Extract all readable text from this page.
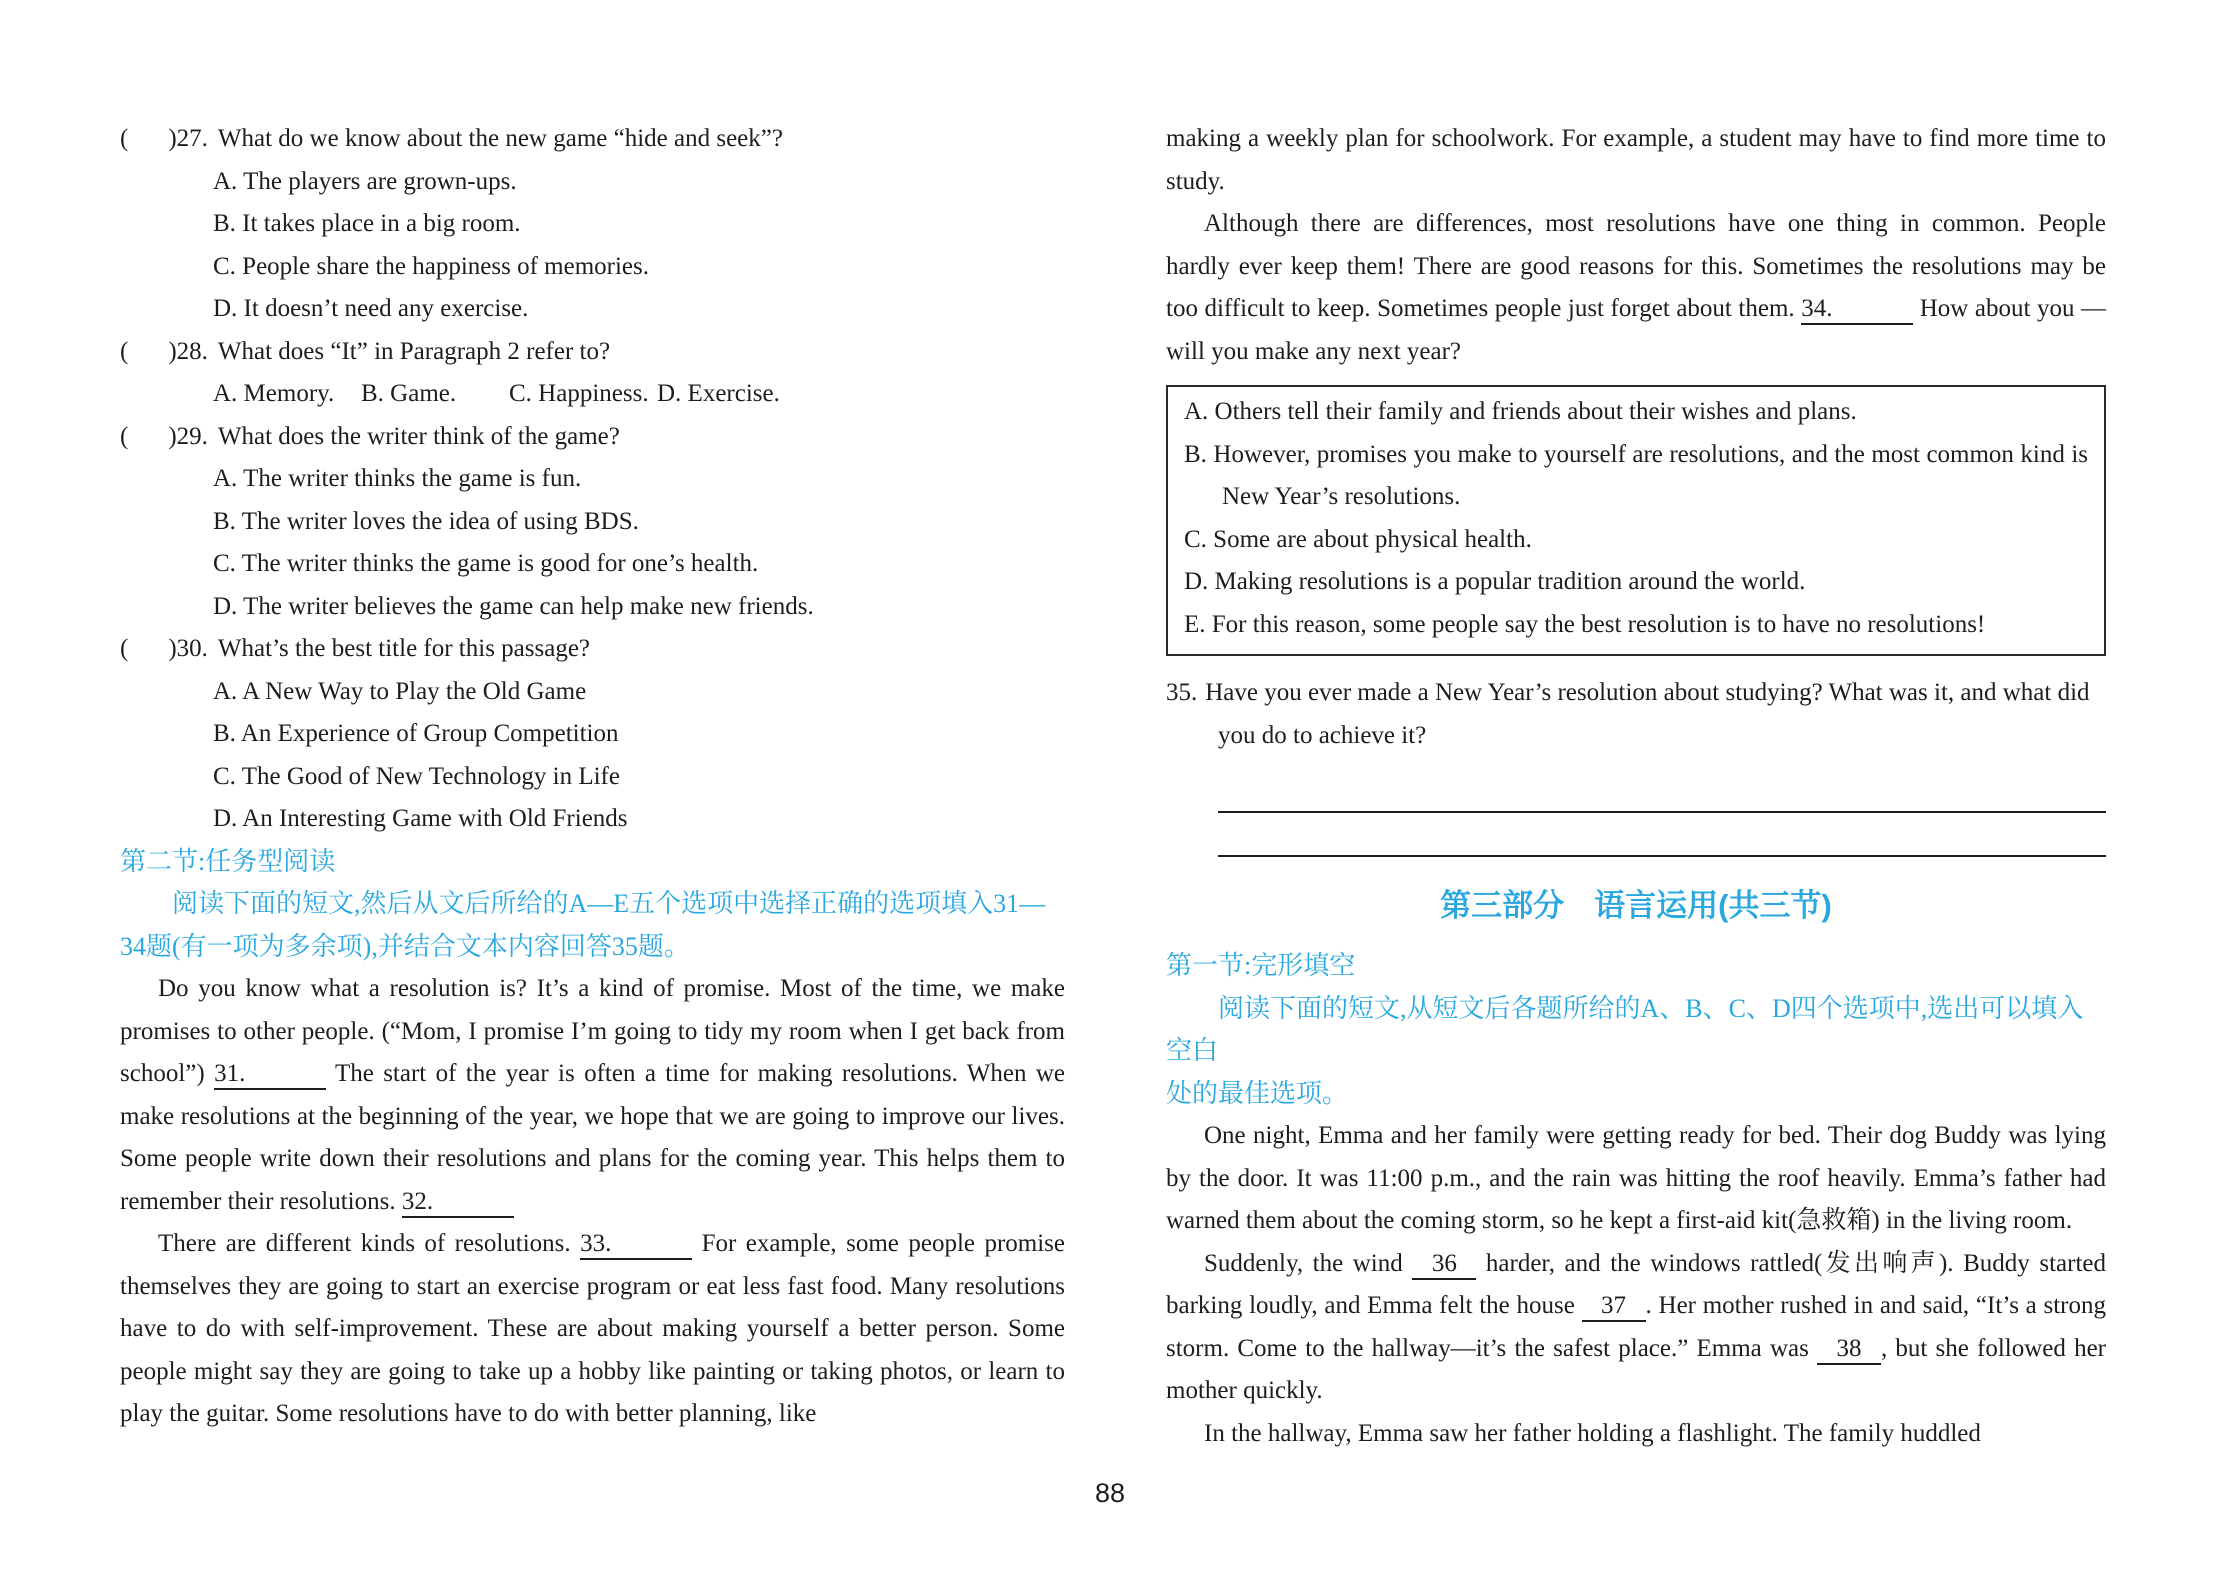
( )27. What do we know about the new game “hide and seek”?
A. The players are grown-ups.
B. It takes place in a big room.
C. People share the happiness of memories.
D. It doesn’t need any exercise.
( )28. What does “It” in Paragraph 2 refer to?
A. Memory. B. Game. C. Happiness. D. Exercise.
( )29. What does the writer think of the game?
A. The writer thinks the game is fun.
B. The writer loves the idea of using BDS.
C. The writer thinks the game is good for one’s health.
D. The writer believes the game can help make new friends.
( )30. What’s the best title for this passage?
A. A New Way to Play the Old Game
B. An Experience of Group Competition
C. The Good of New Technology in Life
D. An Interesting Game with Old Friends
第二节:任务型阅读
阅读下面的短文,然后从文后所给的A—E五个选项中选择正确的选项填入31—
34题(有一项为多余项),并结合文本内容回答35题。

Do you know what a resolution is? It’s a kind of promise. Most of the time, we make promises to other people. (“Mom, I promise I’m going to tidy my room when I get back from school”) 31.	The start of the year is often a time for making resolutions. When we make resolutions at the beginning of the year, we hope that we are going to improve our lives. Some people write down their resolutions and plans for the coming year. This helps them to remember their resolutions. 32.

There are different kinds of resolutions. 33.	For example, some people promise themselves they are going to start an exercise program or eat less fast food. Many resolutions have to do with self-improvement. These are about making yourself a better person. Some people might say they are going to take up a hobby like painting or taking photos, or learn to play the guitar. Some resolutions have to do with better planning, like

making a weekly plan for schoolwork. For example, a student may have to find more time to study.

Although there are differences, most resolutions have one thing in common. People hardly ever keep them! There are good reasons for this. Sometimes the resolutions may be too difficult to keep. Sometimes people just forget about them. 34.	How about you — will you make any next year?

A. Others tell their family and friends about their wishes and plans.
B. However, promises you make to yourself are resolutions, and the most common kind is New Year’s resolutions.
C. Some are about physical health.
D. Making resolutions is a popular tradition around the world.
E. For this reason, some people say the best resolution is to have no resolutions!
35. Have you ever made a New Year’s resolution about studying? What was it, and what did you do to achieve it?
第三部分 语言运用(共三节)
第一节:完形填空
阅读下面的短文,从短文后各题所给的A、B、C、D四个选项中,选出可以填入空白
处的最佳选项。

One night, Emma and her family were getting ready for bed. Their dog Buddy was lying by the door. It was 11:00 p.m., and the rain was hitting the roof heavily. Emma’s father had warned them about the coming storm, so he kept a first-aid kit(急救箱) in the living room.

Suddenly, the wind 36 harder, and the windows rattled(发出响声). Buddy started barking loudly, and Emma felt the house 37 . Her mother rushed in and said, “It’s a strong storm. Come to the hallway—it’s the safest place.” Emma was 38 , but she followed her mother quickly.

In the hallway, Emma saw her father holding a flashlight. The family huddled

88
